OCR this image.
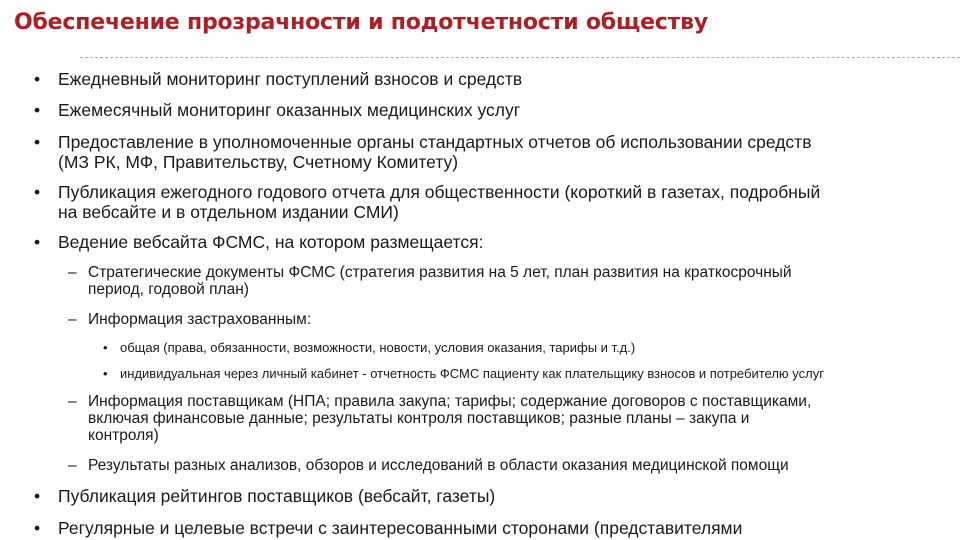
Обеспечение прозрачности и подотчетности обществу
• Ежедневный мониторинг поступлений взносов и средств
• Ежемесячный мониторинг оказанных медицинских услуг
• Предоставление в уполномоченные органы стандартных отчетов об использовании средств
(МЗ РК, МФ, Правительству, Счетному Комитету)
• Публикация ежегодного годового отчета для общественности (короткий в газетах, подробный
на вебсайте и в отдельном издании СМИ)
• Ведение вебсайта ФСМС, на котором размещается:
– Стратегические документы ФСМС (стратегия развития на 5 лет, план развития на краткосрочный
период, годовой план)
– Информация застрахованным:
• общая (права, обязанности, возможности, новости, условия оказания, тарифы и т.д.)
• индивидуальная через личный кабинет - отчетность ФСМС пациенту как плательщику взносов и потребителю услуг
– Информация поставщикам (НПА; правила закупа; тарифы; содержание договоров с поставщиками,
включая финансовые данные; результаты контроля поставщиков; разные планы – закупа и
контроля)
– Результаты разных анализов, обзоров и исследований в области оказания медицинской помощи
• Публикация рейтингов поставщиков (вебсайт, газеты)
• Регулярные и целевые встречи с заинтересованными сторонами (представителями
